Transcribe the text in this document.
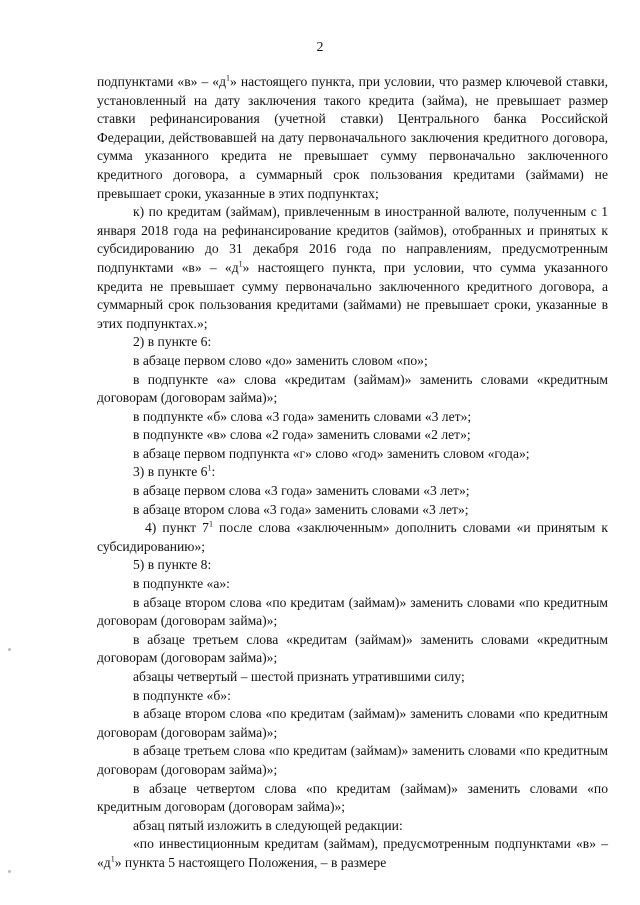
2

подпунктами «в» – «$д^1$» настоящего пункта, при условии, что размер ключевой ставки, установленный на дату заключения такого кредита (займа), не превышает размер ставки рефинансирования (учетной ставки) Центрального банка Российской Федерации, действовавшей на дату первоначального заключения кредитного договора, сумма указанного кредита не превышает сумму первоначально заключенного кредитного договора, а суммарный срок пользования кредитами (займами) не превышает сроки, указанные в этих подпунктах;

к) по кредитам (займам), привлеченным в иностранной валюте, полученным с 1 января 2018 года на рефинансирование кредитов (займов), отобранных и принятых к субсидированию до 31 декабря 2016 года по направлениям, предусмотренным подпунктами «в» – «$д^1$» настоящего пункта, при условии, что сумма указанного кредита не превышает сумму первоначально заключенного кредитного договора, а суммарный срок пользования кредитами (займами) не превышает сроки, указанные в этих подпунктах.»;

2) в пункте 6:

в абзаце первом слово «до» заменить словом «по»;

в подпункте «а» слова «кредитам (займам)» заменить словами «кредитным договорам (договорам займа)»;

в подпункте «б» слова «3 года» заменить словами «3 лет»;

в подпункте «в» слова «2 года» заменить словами «2 лет»;

в абзаце первом подпункта «г» слово «год» заменить словом «года»;

3) в пункте $6^1$:

в абзаце первом слова «3 года» заменить словами «3 лет»;

в абзаце втором слова «3 года» заменить словами «3 лет»;

4) пункт $7^1$ после слова «заключенным» дополнить словами «и принятым к субсидированию»;

5) в пункте 8:

в подпункте «а»:

в абзаце втором слова «по кредитам (займам)» заменить словами «по кредитным договорам (договорам займа)»;

в абзаце третьем слова «кредитам (займам)» заменить словами «кредитным договорам (договорам займа)»;

абзацы четвертый – шестой признать утратившими силу;

в подпункте «б»:

в абзаце втором слова «по кредитам (займам)» заменить словами «по кредитным договорам (договорам займа)»;

в абзаце третьем слова «по кредитам (займам)» заменить словами «по кредитным договорам (договорам займа)»;

в абзаце четвертом слова «по кредитам (займам)» заменить словами «по кредитным договорам (договорам займа)»;

абзац пятый изложить в следующей редакции:

«по инвестиционным кредитам (займам), предусмотренным подпунктами «в» – «$д^1$» пункта 5 настоящего Положения, – в размере
